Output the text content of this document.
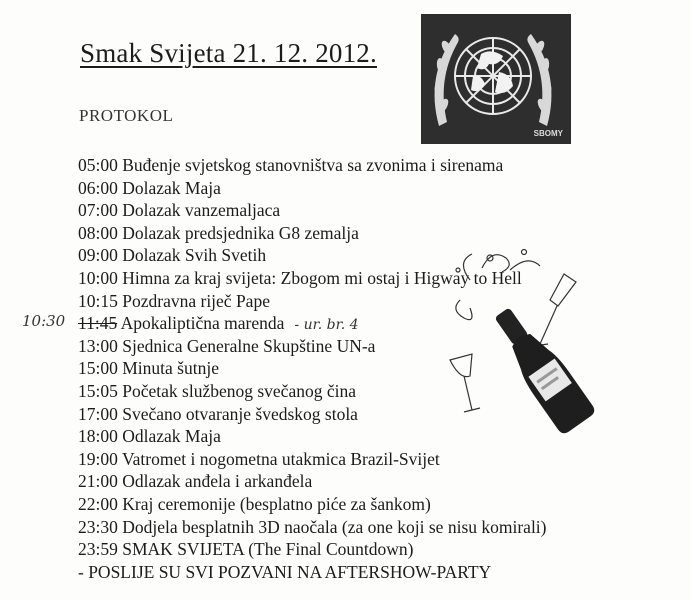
Smak Svijeta 21. 12. 2012.
PROTOKOL
SBOMY
05:00 Buđenje svjetskog stanovništva sa zvonima i sirenama
06:00 Dolazak Maja
07:00 Dolazak vanzemaljaca
08:00 Dolazak predsjednika G8 zemalja
09:00 Dolazak Svih Svetih
10:00 Himna za kraj svijeta: Zbogom mi ostaj i Higway to Hell
10:15 Pozdravna riječ Pape
11:45 Apokaliptična marenda - ur. br. 4
13:00 Sjednica Generalne Skupštine UN-a
15:00 Minuta šutnje
15:05 Početak službenog svečanog čina
17:00 Svečano otvaranje švedskog stola
18:00 Odlazak Maja
19:00 Vatromet i nogometna utakmica Brazil-Svijet
21:00 Odlazak anđela i arkanđela
22:00 Kraj ceremonije (besplatno piće za šankom)
23:30 Dodjela besplatnih 3D naočala (za one koji se nisu komirali)
23:59 SMAK SVIJETA (The Final Countdown)
- POSLIJE SU SVI POZVANI NA AFTERSHOW-PARTY
10:30
